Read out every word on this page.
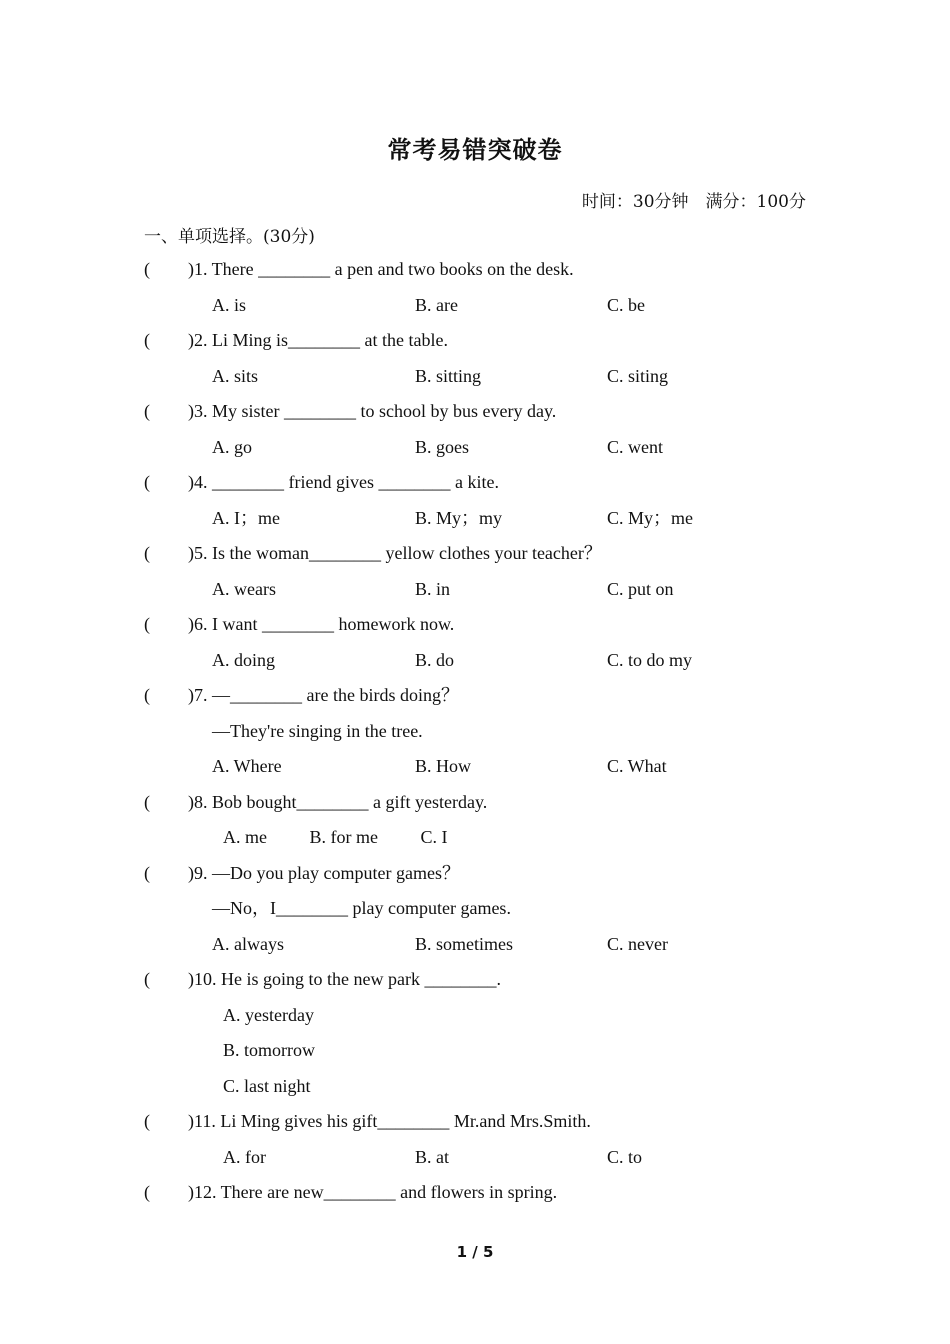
常考易错突破卷
时间：30分钟　满分：100分
一、单项选择。(30分)
( )1. There ________ a pen and two books on the desk.
A. is	B. are	C. be
( )2. Li Ming is________ at the table.
A. sits	B. sitting	C. siting
( )3. My sister ________ to school by bus every day.
A. go	B. goes	C. went
( )4. ________ friend gives ________ a kite.
A. I；me	B. My；my	C. My；me
( )5. Is the woman________ yellow clothes your teacher？
A. wears	B. in	C. put on
( )6. I want ________ homework now.
A. doing	B. do	C. to do my
( )7. —________ are the birds doing？
—They're singing in the tree.
A. Where	B. How	C. What
( )8. Bob bought________ a gift yesterday.
A. me B. for me C. I
( )9. —Do you play computer games？
—No，I________ play computer games.
A. always	B. sometimes	C. never
( )10. He is going to the new park ________.
A. yesterday
B. tomorrow
C. last night
( )11. Li Ming gives his gift________ Mr.and Mrs.Smith.
A. for	B. at	C. to
( )12. There are new________ and flowers in spring.
1 / 5
